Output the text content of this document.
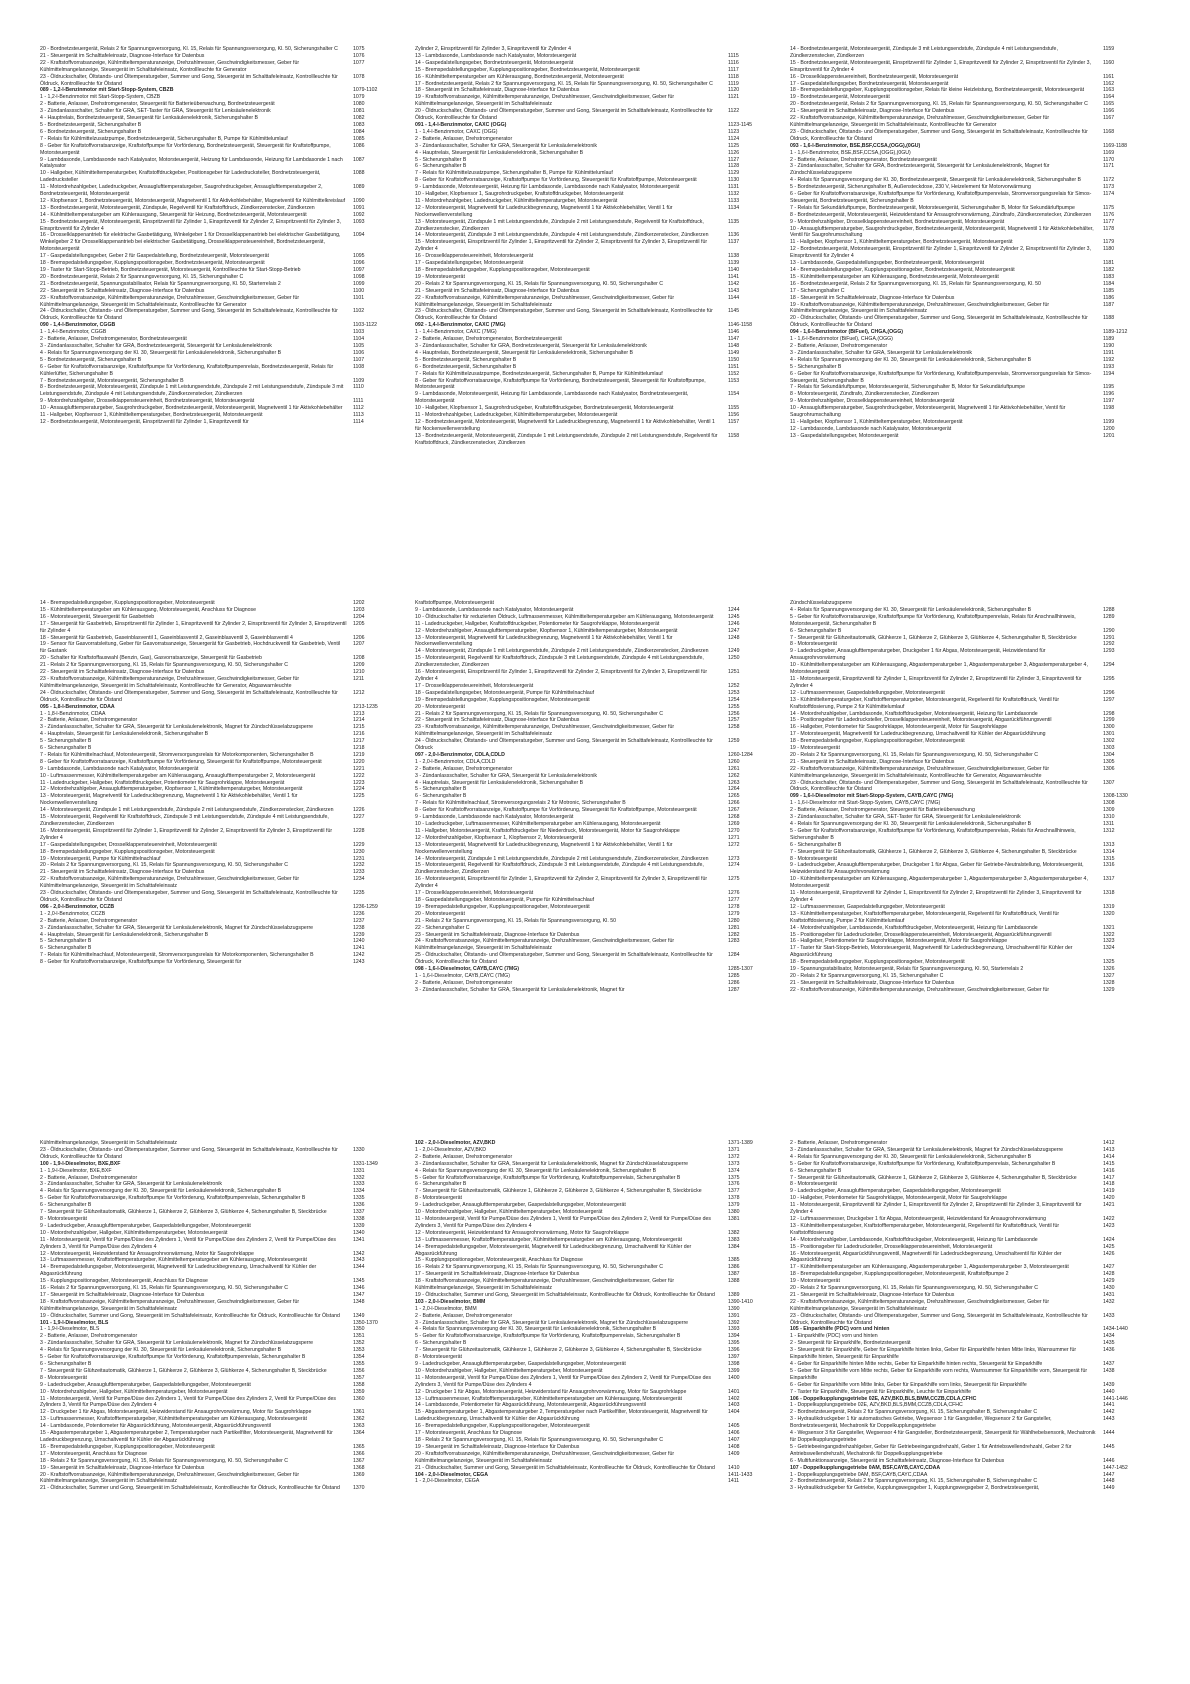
20 - Bordnetzsteuergerät, Relais 2 für Spannungsversorgung, Kl. 15, Relais für Spannungsversorgung, Kl. 50, Sicherungshalter C	1075
21 - Steuergerät im Schalttafeleinsatz, Diagnose-Interface für Datenbus	1076
22 - Kraftstoffvorratsanzeige, Kühlmitteltemperaturanzeige, Drehzahlmesser, Geschwindigkeitsmesser, Geber für Kühlmittelmangelanzeige, Steuergerät im Schalttafeleinsatz, Kontrollleuchte für Generator
1077
23 - Öldruckschalter, Öltstands- und Öltemperaturgeber, Summer und Gong, Steuergerät im Schalttafeleinsatz, Kontrollleuchte für Öldruck, Kontrollleuchte für Ölstand
1078
089 - 1,2-l-Benzinmotor mit Start-Stopp-System, CBZB	1079-1102
1 - 1,2-l-Benzinmotor mit Start-Stopp-System, CBZB	1079
2 - Batterie, Anlasser, Drehstromgenerator, Steuergerät für Batterieüberwachung, Bordnetzsteuergerät	1080
3 - Zündanlassschalter, Schalter für GRA, SET-Taster für GRA, Steuergerät für Lenksäulenelektronik	1081
4 - Hauptrelais, Bordnetzsteuergerät, Steuergerät für Lenksäulenelektronik, Sicherungshalter B	1082
5 - Bordnetzsteuergerät, Sicherungshalter B	1083
6 - Bordnetzsteuergerät, Sicherungshalter B	1084
7 - Relais für Kühlmittelzusatzpumpe, Bordnetzsteuergerät, Sicherungshalter B, Pumpe für Kühlmittelumlauf	1085
8 - Geber für Kraftstoffvorratsanzeige, Kraftstoffpumpe für Vorförderung, Bordnetzsteuergerät, Steuergerät für Kraftstoffpumpe, Motorsteuergerät
1086
9 - Lambdasonde, Lambdasonde nach Katalysator, Motorsteuergerät, Heizung für Lambdasonde, Heizung für Lambdasonde 1 nach Katalysator
1087
10 - Hallgeber, Kühlmitteltemperaturgeber, Kraftstoffdruckgeber, Positionsgeber für Ladedrucksteller, Bordnetzsteuergerät, Ladedrucksteller
1088
11 - Motordrehzahlgeber, Ladedruckgeber, Ansauglufttemperaturgeber, Saugrohrdruckgeber, Ansauglufttemperaturgeber 2, Bordnetzsteuergerät, Motorsteuergerät
1089
12 - Klopfsensor 1, Bordnetzsteuergerät, Motorsteuergerät, Magnetventil 1 für Aktivkohlebehälter, Magnetventil für Kühlmittelkreislauf	1090
13 - Bordnetzsteuergerät, Motorsteuergerät, Zündspule, Regelventil für Kraftstoffdruck, Zündkerzenstecker, Zündkerzen	1091
14 - Kühlmitteltemperaturgeber am Kühlerausgang, Steuergerät für Heizung, Bordnetzsteuergerät, Motorsteuergerät	1092
15 - Bordnetzsteuergerät, Motorsteuergerät, Einspritzventil für Zylinder 1, Einspritzventil für Zylinder 2, Einspritzventil für Zylinder 3, Einspritzventil für Zylinder 4
1093
16 - Drosselklappenantrieb für elektrische Gasbetätigung, Winkelgeber 1 für Drosselklappenantrieb bei elektrischer Gasbetätigung, Winkelgeber 2 für Drosselklappenantrieb bei elektrischer Gasbetätigung, Drosselklappensteuereinheit, Bordnetzsteuergerät, Motorsteuergerät
1094
17 - Gaspedalstellungsgeber, Geber 2 für Gaspedalstellung, Bordnetzsteuergerät, Motorsteuergerät	1095
18 - Bremspedalstellungsgeber, Kupplungspositionsgeber, Bordnetzsteuergerät, Motorsteuergerät	1096
19 - Taster für Start-Stopp-Betrieb, Bordnetzsteuergerät, Motorsteuergerät, Kontrollleuchte für Start-Stopp-Betrieb	1097
20 - Bordnetzsteuergerät, Relais 2 für Spannungsversorgung, Kl. 15, Sicherungshalter C	1098
21 - Bordnetzsteuergerät, Spannungsstabilisator, Relais für Spannungsversorgung, Kl. 50, Starterrelais 2	1099
22 - Steuergerät im Schalttafeleinsatz, Diagnose-Interface für Datenbus	1100
23 - Kraftstoffvorratsanzeige, Kühlmitteltemperaturanzeige, Drehzahlmesser, Geschwindigkeitsmesser, Geber für Kühlmittelmangelanzeige, Steuergerät im Schalttafeleinsatz, Kontrollleuchte für Generator
1101
24 - Öldruckschalter, Öltstands- und Öltemperaturgeber, Summer und Gong, Steuergerät im Schalttafeleinsatz, Kontrollleuchte für Öldruck, Kontrollleuchte für Ölstand
1102
090 - 1,4-l-Benzinmotor, CGGB	1103-1122
1 - 1,4-l-Benzinmotor, CGGB	1103
2 - Batterie, Anlasser, Drehstromgenerator, Bordnetzsteuergerät	1104
3 - Zündanlassschalter, Schalter für GRA, Bordnetzsteuergerät, Steuergerät für Lenksäulenelektronik	1105
4 - Relais für Spannungsversorgung der Kl. 30, Steuergerät für Lenksäulenelektronik, Sicherungshalter B	1106
5 - Bordnetzsteuergerät, Sicherungshalter B	1107
6 - Geber für Kraftstoffvorratsanzeige, Kraftstoffpumpe für Vorförderung, Kraftstoffpumpenrelais, Bordnetzsteuergerät, Relais für Kühlerlüfter, Sicherungshalter B
1108
7 - Bordnetzsteuergerät, Motorsteuergerät, Sicherungshalter B	1109
8 - Bordnetzsteuergerät, Motorsteuergerät, Zündspule 1 mit Leistungsendstufe, Zündspule 2 mit Leistungsendstufe, Zündspule 3 mit Leistungsendstufe, Zündspule 4 mit Leistungsendstufe, Zündkerzenstecker, Zündkerzen
1110
9 - Motordrehzahlgeber, Drosselklappensteuereinheit, Bordnetzsteuergerät, Motorsteuergerät	1111
10 - Ansauglufttemperaturgeber, Saugrohrdruckgeber, Bordnetzsteuergerät, Motorsteuergerät, Magnetventil 1 für Aktivkohlebehälter	1112
11 - Hallgeber, Klopfsensor 1, Kühlmitteltemperaturgeber, Bordnetzsteuergerät, Motorsteuergerät	1113
12 - Bordnetzsteuergerät, Motorsteuergerät, Einspritzventil für Zylinder 1, Einspritzventil für	1114
Zylinder 2, Einspritzventil für Zylinder 3, Einspritzventil für Zylinder 4
13 - Lambdasonde, Lambdasonde nach Katalysator, Motorsteuergerät	1115
14 - Gaspedalstellungsgeber, Bordnetzsteuergerät, Motorsteuergerät	1116
15 - Bremspedalstellungsgeber, Kupplungspositionsgeber, Bordnetzsteuergerät, Motorsteuergerät	1117
16 - Kühlmitteltemperaturgeber am Kühlerausgang, Bordnetzsteuergerät, Motorsteuergerät	1118
17 - Bordnetzsteuergerät, Relais 2 für Spannungsversorgung, Kl. 15, Relais für Spannungsversorgung, Kl. 50, Sicherungshalter C	1119
18 - Steuergerät im Schalttafeleinsatz, Diagnose-Interface für Datenbus	1120
19 - Kraftstoffvorratsanzeige, Kühlmitteltemperaturanzeige, Drehzahlmesser, Geschwindigkeitsmesser, Geber für Kühlmittelmangelanzeige, Steuergerät im Schalttafeleinsatz
1121
20 - Öldruckschalter, Öltstands- und Öltemperaturgeber, Summer und Gong, Steuergerät im Schalttafeleinsatz, Kontrollleuchte für Öldruck, Kontrollleuchte für Ölstand
1122
091 - 1,4-l-Benzinmotor, CAXC (OGG)	1123-1145
1 - 1,4-l-Benzinmotor, CAXC (OGG)	1123
2 - Batterie, Anlasser, Drehstromgenerator	1124
3 - Zündanlassschalter, Schalter für GRA, Steuergerät für Lenksäulenelektronik	1125
4 - Hauptrelais, Steuergerät für Lenksäulenelektronik, Sicherungshalter B	1126
5 - Sicherungshalter B	1127
6 - Sicherungshalter B	1128
7 - Relais für Kühlmittelzusatzpumpe, Sicherungshalter B, Pumpe für Kühlmittelumlauf	1129
8 - Geber für Kraftstoffvorratsanzeige, Kraftstoffpumpe für Vorförderung, Steuergerät für Kraftstoffpumpe, Motorsteuergerät	1130
9 - Lambdasonde, Motorsteuergerät, Heizung für Lambdasonde, Lambdasonde nach Katalysator, Motorsteuergerät	1131
10 - Hallgeber, Klopfsensor 1, Saugrohrdruckgeber, Kraftstoffdruckgeber, Motorsteuergerät	1132
11 - Motordrehzahlgeber, Ladedruckgeber, Kühlmitteltemperaturgeber, Motorsteuergerät	1133
12 - Motorsteuergerät, Magnetventil für Ladedruckbegrenzung, Magnetventil 1 für Aktivkohlebehälter, Ventil 1 für Nockenwellenverstellung
1134
13 - Motorsteuergerät, Zündspule 1 mit Leistungsendstufe, Zündspule 2 mit Leistungsendstufe, Regelventil für Kraftstoffdruck, Zündkerzenstecker, Zündkerzen
1135
14 - Motorsteuergerät, Zündspule 3 mit Leistungsendstufe, Zündspule 4 mit Leistungsendstufe, Zündkerzenstecker, Zündkerzen	1136
15 - Motorsteuergerät, Einspritzventil für Zylinder 1, Einspritzventil für Zylinder 2, Einspritzventil für Zylinder 3, Einspritzventil für Zylinder 4
1137
16 - Drosselklappensteuereinheit, Motorsteuergerät	1138
17 - Gaspedalstellungsgeber, Motorsteuergerät	1139
18 - Bremspedalstellungsgeber, Kupplungspositionsgeber, Motorsteuergerät	1140
19 - Motorsteuergerät	1141
20 - Relais 2 für Spannungsversorgung, Kl. 15, Relais für Spannungsversorgung, Kl. 50, Sicherungshalter C	1142
21 - Steuergerät im Schalttafeleinsatz, Diagnose-Interface für Datenbus	1143
22 - Kraftstoffvorratsanzeige, Kühlmitteltemperaturanzeige, Drehzahlmesser, Geschwindigkeitsmesser, Geber für Kühlmittelmangelanzeige, Steuergerät im Schalttafeleinsatz
1144
23 - Öldruckschalter, Öltstands- und Öltemperaturgeber, Summer und Gong, Steuergerät im Schalttafeleinsatz, Kontrollleuchte für Öldruck, Kontrollleuchte für Ölstand
1145
092 - 1,4-l-Benzinmotor, CAXC (7MG)	1146-1158
1 - 1,4-l-Benzinmotor, CAXC (7MG)	1146
2 - Batterie, Anlasser, Drehstromgenerator, Bordnetzsteuergerät	1147
3 - Zündanlassschalter, Schalter für GRA, Bordnetzsteuergerät, Steuergerät für Lenksäulenelektronik	1148
4 - Hauptrelais, Bordnetzsteuergerät, Steuergerät für Lenksäulenelektronik, Sicherungshalter B	1149
5 - Bordnetzsteuergerät, Sicherungshalter B	1150
6 - Bordnetzsteuergerät, Sicherungshalter B	1151
7 - Relais für Kühlmittelzusatzpumpe, Bordnetzsteuergerät, Sicherungshalter B, Pumpe für Kühlmittelumlauf	1152
8 - Geber für Kraftstoffvorratsanzeige, Kraftstoffpumpe für Vorförderung, Bordnetzsteuergerät, Steuergerät für Kraftstoffpumpe, Motorsteuergerät
1153
9 - Lambdasonde, Motorsteuergerät, Heizung für Lambdasonde, Lambdasonde nach Katalysator, Bordnetzsteuergerät, Motorsteuergerät
1154
10 - Hallgeber, Klopfsensor 1, Saugrohrdruckgeber, Kraftstoffdruckgeber, Bordnetzsteuergerät, Motorsteuergerät	1155
11 - Motordrehzahlgeber, Ladedruckgeber, Kühlmitteltemperaturgeber, Motorsteuergerät	1156
12 - Bordnetzsteuergerät, Motorsteuergerät, Magnetventil für Ladedruckbegrenzung, Magnetventil 1 für Aktivkohlebehälter, Ventil 1 für Nockenwellenverstellung
1157
13 - Bordnetzsteuergerät, Motorsteuergerät, Zündspule 1 mit Leistungsendstufe, Zündspule 2 mit Leistungsendstufe, Regelventil für Kraftstoffdruck, Zündkerzenstecker, Zündkerzen
1158
14 - Bordnetzsteuergerät, Motorsteuergerät, Zündspule 3 mit Leistungsendstufe, Zündspule 4 mit Leistungsendstufe, Zündkerzenstecker, Zündkerzen
1159
15 - Bordnetzsteuergerät, Motorsteuergerät, Einspritzventil für Zylinder 1, Einspritzventil für Zylinder 2, Einspritzventil für Zylinder 3, Einspritzventil für Zylinder 4
1160
16 - Drosselklappensteuereinheit, Bordnetzsteuergerät, Motorsteuergerät	1161
17 - Gaspedalstellungsgeber, Bordnetzsteuergerät, Motorsteuergerät	1162
18 - Bremspedalstellungsgeber, Kupplungspositionsgeber, Relais für kleine Heizleistung, Bordnetzsteuergerät, Motorsteuergerät	1163
19 - Bordnetzsteuergerät, Motorsteuergerät	1164
20 - Bordnetzsteuergerät, Relais 2 für Spannungsversorgung, Kl. 15, Relais für Spannungsversorgung, Kl. 50, Sicherungshalter C	1165
21 - Steuergerät im Schalttafeleinsatz, Diagnose-Interface für Datenbus	1166
22 - Kraftstoffvorratsanzeige, Kühlmitteltemperaturanzeige, Drehzahlmesser, Geschwindigkeitsmesser, Geber für Kühlmittelmangelanzeige, Steuergerät im Schalttafeleinsatz, Kontrollleuchte für Generator
1167
23 - Öldruckschalter, Öltstands- und Öltemperaturgeber, Summer und Gong, Steuergerät im Schalttafeleinsatz, Kontrollleuchte für Öldruck, Kontrollleuchte für Ölstand
1168
093 - 1,6-l-Benzinmotor, BSE,BSF,CCSA,(OGG),(0GU)	1169-1188
1 - 1,6-l-Benzinmotor, BSE,BSF,CCSA,(OGG),(0GU)	1169
2 - Batterie, Anlasser, Drehstromgenerator, Bordnetzsteuergerät	1170
3 - Zündanlassschalter, Schalter für GRA, Bordnetzsteuergerät, Steuergerät für Lenksäulenelektronik, Magnet für Zündschlüsselabzugsperre
1171
4 - Relais für Spannungsversorgung der Kl. 30, Bordnetzsteuergerät, Steuergerät für Lenksäulenelektronik, Sicherungshalter B	1172
5 - Bordnetzsteuergerät, Sicherungshalter B, Außensteckdose, 230 V, Heizelement für Motorvorwärmung	1173
6 - Geber für Kraftstoffvorratsanzeige, Kraftstoffpumpe für Vorförderung, Kraftstoffpumpenrelais, Stromversorgungsrelais für Simos-Steuergerät, Bordnetzsteuergerät, Sicherungshalter B
1174
7 - Relais für Sekundärluftpumpe, Bordnetzsteuergerät, Motorsteuergerät, Sicherungshalter B, Motor für Sekundärluftpumpe	1175
8 - Bordnetzsteuergerät, Motorsteuergerät, Heizwiderstand für Ansaugrohrvorwärmung, Zündtrafo, Zündkerzenstecker, Zündkerzen	1176
9 - Motordrehzahlgeber, Drosselklappensteuereinheit, Bordnetzsteuergerät, Motorsteuergerät	1177
10 - Ansauglufttemperaturgeber, Saugrohrdruckgeber, Bordnetzsteuergerät, Motorsteuergerät, Magnetventil 1 für Aktivkohlebehälter, Ventil für Saugrohrumschaltung
1178
11 - Hallgeber, Klopfsensor 1, Kühlmitteltemperaturgeber, Bordnetzsteuergerät, Motorsteuergerät	1179
12 - Bordnetzsteuergerät, Motorsteuergerät, Einspritzventil für Zylinder 1, Einspritzventil für Zylinder 2, Einspritzventil für Zylinder 3, Einspritzventil für Zylinder 4
1180
13 - Lambdasonde, Gaspedalstellungsgeber, Bordnetzsteuergerät, Motorsteuergerät	1181
14 - Bremspedalstellungsgeber, Kupplungspositionsgeber, Bordnetzsteuergerät, Motorsteuergerät	1182
15 - Kühlmitteltemperaturgeber am Kühlerausgang, Bordnetzsteuergerät, Motorsteuergerät	1183
16 - Bordnetzsteuergerät, Relais 2 für Spannungsversorgung, Kl. 15, Relais für Spannungsversorgung, Kl. 50	1184
17 - Sicherungshalter C	1185
18 - Steuergerät im Schalttafeleinsatz, Diagnose-Interface für Datenbus	1186
19 - Kraftstoffvorratsanzeige, Kühlmitteltemperaturanzeige, Drehzahlmesser, Geschwindigkeitsmesser, Geber für Kühlmittelmangelanzeige, Steuergerät im Schalttafeleinsatz
1187
20 - Öldruckschalter, Öltstands- und Öltemperaturgeber, Summer und Gong, Steuergerät im Schalttafeleinsatz, Kontrollleuchte für Öldruck, Kontrollleuchte für Ölstand
1188
094 - 1,6-l-Benzinmotor (BiFuel), CHGA,(OGG)	1189-1212
1 - 1,6-l-Benzinmotor (BiFuel), CHGA,(OGG)	1189
2 - Batterie, Anlasser, Drehstromgenerator	1190
3 - Zündanlassschalter, Schalter für GRA, Steuergerät für Lenksäulenelektronik	1191
4 - Relais für Spannungsversorgung der Kl. 30, Steuergerät für Lenksäulenelektronik, Sicherungshalter B	1192
5 - Sicherungshalter B	1193
6 - Geber für Kraftstoffvorratsanzeige, Kraftstoffpumpe für Vorförderung, Kraftstoffpumpenrelais, Stromversorgungsrelais für Simos-Steuergerät, Sicherungshalter B
1194
7 - Relais für Sekundärluftpumpe, Motorsteuergerät, Sicherungshalter B, Motor für Sekundärluftpumpe	1195
8 - Motorsteuergerät, Zündtrafo, Zündkerzenstecker, Zündkerzen	1196
9 - Motordrehzahlgeber, Drosselklappensteuereinheit, Motorsteuergerät	1197
10 - Ansauglufttemperaturgeber, Saugrohrdruckgeber, Motorsteuergerät, Magnetventil 1 für Aktivkohlebehälter, Ventil für Saugrohrumschaltung
1198
11 - Hallgeber, Klopfsensor 1, Kühlmitteltemperaturgeber, Motorsteuergerät	1199
12 - Lambdasonde, Lambdasonde nach Katalysator, Motorsteuergerät	1200
13 - Gaspedalstellungsgeber, Motorsteuergerät	1201
14 - Bremspedalstellungsgeber, Kupplungspositionsgeber, Motorsteuergerät	1202
15 - Kühlmitteltemperaturgeber am Kühlerausgang, Motorsteuergerät, Anschluss für Diagnose	1203
16 - Motorsteuergerät, Steuergerät für Gasbetrieb	1204
17 - Steuergerät für Gasbetrieb, Einspritzventil für Zylinder 1, Einspritzventil für Zylinder 2, Einspritzventil für Zylinder 3, Einspritzventil für Zylinder 4
1205
18 - Steuergerät für Gasbetrieb, Gaseinblasventil 1, Gaseinblasventil 2, Gaseinblasventil 3, Gaseinblasventil 4	1206
19 - Sensor für Gasvorratsleitung, Geber für Gasvorratsanzeige, Steuergerät für Gasbetrieb, Hochdruckventil für Gasbetrieb, Ventil für Gastank
1207
20 - Schalter für Kraftstoffauswahl (Benzin, Gas), Gasvorratsanzeige, Steuergerät für Gasbetrieb	1208
21 - Relais 2 für Spannungsversorgung, Kl. 15, Relais für Spannungsversorgung, Kl. 50, Sicherungshalter C	1209
22 - Steuergerät im Schalttafeleinsatz, Diagnose-Interface für Datenbus	1210
23 - Kraftstoffvorratsanzeige, Kühlmitteltemperaturanzeige, Drehzahlmesser, Geschwindigkeitsmesser, Geber für Kühlmittelmangelanzeige, Steuergerät im Schalttafeleinsatz, Kontrollleuchte für Generator, Abgaswarnleuchte
1211
24 - Öldruckschalter, Öltstands- und Öltemperaturgeber, Summer und Gong, Steuergerät im Schalttafeleinsatz, Kontrollleuchte für Öldruck, Kontrollleuchte für Ölstand
1212
095 - 1,8-l-Benzinmotor, CDAA	1213-1235
1 - 1,8-l-Benzinmotor, CDAA	1213
2 - Batterie, Anlasser, Drehstromgenerator	1214
3 - Zündanlassschalter, Schalter für GRA, Steuergerät für Lenksäulenelektronik, Magnet für Zündschlüsselabzugsperre	1215
4 - Hauptrelais, Steuergerät für Lenksäulenelektronik, Sicherungshalter B	1216
5 - Sicherungshalter B	1217
6 - Sicherungshalter B	1218
7 - Relais für Kühlmittelnachlauf, Motorsteuergerät, Stromversorgungsrelais für Motorkomponenten, Sicherungshalter B	1219
8 - Geber für Kraftstoffvorratsanzeige, Kraftstoffpumpe für Vorförderung, Steuergerät für Kraftstoffpumpe, Motorsteuergerät	1220
9 - Lambdasonde, Lambdasonde nach Katalysator, Motorsteuergerät	1221
10 - Luftmassenmesser, Kühlmitteltemperaturgeber am Kühlerausgang, Ansauglufttemperaturgeber 2, Motorsteuergerät	1222
11 - Ladedruckgeber, Hallgeber, Kraftstoffdruckgeber, Potentiometer für Saugrohrklappe, Motorsteuergerät	1223
12 - Motordrehzahlgeber, Ansauglufttemperaturgeber, Klopfsensor 1, Kühlmitteltemperaturgeber, Motorsteuergerät	1224
13 - Motorsteuergerät, Magnetventil für Ladedruckbegrenzung, Magnetventil 1 für Aktivkohlebehälter, Ventil 1 für Nockenwellenverstellung
1225
14 - Motorsteuergerät, Zündspule 1 mit Leistungsendstufe, Zündspule 2 mit Leistungsendstufe, Zündkerzenstecker, Zündkerzen	1226
15 - Motorsteuergerät, Regelventil für Kraftstoffdruck, Zündspule 3 mit Leistungsendstufe, Zündspule 4 mit Leistungsendstufe, Zündkerzenstecker, Zündkerzen
1227
16 - Motorsteuergerät, Einspritzventil für Zylinder 1, Einspritzventil für Zylinder 2, Einspritzventil für Zylinder 3, Einspritzventil für Zylinder 4
1228
17 - Gaspedalstellungsgeber, Drosselklappensteuereinheit, Motorsteuergerät	1229
18 - Bremspedalstellungsgeber, Kupplungspositionsgeber, Motorsteuergerät	1230
19 - Motorsteuergerät, Pumpe für Kühlmittelnachlauf	1231
20 - Relais 2 für Spannungsversorgung, Kl. 15, Relais für Spannungsversorgung, Kl. 50, Sicherungshalter C	1232
21 - Steuergerät im Schalttafeleinsatz, Diagnose-Interface für Datenbus	1233
22 - Kraftstoffvorratsanzeige, Kühlmitteltemperaturanzeige, Drehzahlmesser, Geschwindigkeitsmesser, Geber für Kühlmittelmangelanzeige, Steuergerät im Schalttafeleinsatz
1234
23 - Öldruckschalter, Öltstands- und Öltemperaturgeber, Summer und Gong, Steuergerät im Schalttafeleinsatz, Kontrollleuchte für Öldruck, Kontrollleuchte für Ölstand
1235
096 - 2,0-l-Benzinmotor, CCZB	1236-1259
1 - 2,0-l-Benzinmotor, CCZB	1236
2 - Batterie, Anlasser, Drehstromgenerator	1237
3 - Zündanlassschalter, Schalter für GRA, Steuergerät für Lenksäulenelektronik, Magnet für Zündschlüsselabzugsperre	1238
4 - Hauptrelais, Steuergerät für Lenksäulenelektronik, Sicherungshalter B	1239
5 - Sicherungshalter B	1240
6 - Sicherungshalter B	1241
7 - Relais für Kühlmittelnachlauf, Motorsteuergerät, Stromversorgungsrelais für Motorkomponenten, Sicherungshalter B	1242
8 - Geber für Kraftstoffvorratsanzeige, Kraftstoffpumpe für Vorförderung, Steuergerät für	1243
Kraftstoffpumpe, Motorsteuergerät
9 - Lambdasonde, Lambdasonde nach Katalysator, Motorsteuergerät	1244
10 - Öldruckschalter für reduzierten Öldruck, Luftmassenmesser, Kühlmitteltemperaturgeber am Kühlerausgang, Motorsteuergerät	1245
11 - Ladedruckgeber, Hallgeber, Kraftstoffdruckgeber, Potentiometer für Saugrohrklappe, Motorsteuergerät	1246
12 - Motordrehzahlgeber, Ansauglufttemperaturgeber, Klopfsensor 1, Kühlmitteltemperaturgeber, Motorsteuergerät	1247
13 - Motorsteuergerät, Magnetventil für Ladedruckbegrenzung, Magnetventil 1 für Aktivkohlebehälter, Ventil 1 für Nockenwellenverstellung
1248
14 - Motorsteuergerät, Zündspule 1 mit Leistungsendstufe, Zündspule 2 mit Leistungsendstufe, Zündkerzenstecker, Zündkerzen	1249
15 - Motorsteuergerät, Regelventil für Kraftstoffdruck, Zündspule 3 mit Leistungsendstufe, Zündspule 4 mit Leistungsendstufe, Zündkerzenstecker, Zündkerzen
1250
16 - Motorsteuergerät, Einspritzventil für Zylinder 1, Einspritzventil für Zylinder 2, Einspritzventil für Zylinder 3, Einspritzventil für Zylinder 4
1251
17 - Drosselklappensteuereinheit, Motorsteuergerät	1252
18 - Gaspedalstellungsgeber, Motorsteuergerät, Pumpe für Kühlmittelnachlauf	1253
19 - Bremspedalstellungsgeber, Kupplungspositionsgeber, Motorsteuergerät	1254
20 - Motorsteuergerät	1255
21 - Relais 2 für Spannungsversorgung, Kl. 15, Relais für Spannungsversorgung, Kl. 50, Sicherungshalter C	1256
22 - Steuergerät im Schalttafeleinsatz, Diagnose-Interface für Datenbus	1257
23 - Kraftstoffvorratsanzeige, Kühlmitteltemperaturanzeige, Drehzahlmesser, Geschwindigkeitsmesser, Geber für Kühlmittelmangelanzeige, Steuergerät im Schalttafeleinsatz
1258
24 - Öldruckschalter, Öltstands- und Öltemperaturgeber, Summer und Gong, Steuergerät im Schalttafeleinsatz, Kontrollleuchte für Öldruck
1259
097 - 2,0-l-Benzinmotor, CDLA,CDLD	1260-1284
1 - 2,0-l-Benzinmotor, CDLA,CDLD	1260
2 - Batterie, Anlasser, Drehstromgenerator	1261
3 - Zündanlassschalter, Schalter für GRA, Steuergerät für Lenksäulenelektronik	1262
4 - Hauptrelais, Steuergerät für Lenksäulenelektronik, Sicherungshalter B	1263
5 - Sicherungshalter B	1264
6 - Sicherungshalter B	1265
7 - Relais für Kühlmittelnachlauf, Stromversorgungsrelais 2 für Motronic, Sicherungshalter B	1266
8 - Geber für Kraftstoffvorratsanzeige, Kraftstoffpumpe für Vorförderung, Steuergerät für Kraftstoffpumpe, Motorsteuergerät	1267
9 - Lambdasonde, Lambdasonde nach Katalysator, Motorsteuergerät	1268
10 - Ladedruckgeber, Luftmassenmesser, Kühlmitteltemperaturgeber am Kühlerausgang, Motorsteuergerät	1269
11 - Hallgeber, Motorsteuergerät, Kraftstoffdruckgeber für Niederdruck, Motorsteuergerät, Motor für Saugrohrklappe	1270
12 - Motordrehzahlgeber, Klopfsensor 1, Klopfsensor 2, Motorsteuergerät	1271
13 - Motorsteuergerät, Magnetventil für Ladedruckbegrenzung, Magnetventil 1 für Aktivkohlebehälter, Ventil 1 für Nockenwellenverstellung
1272
14 - Motorsteuergerät, Zündspule 1 mit Leistungsendstufe, Zündspule 2 mit Leistungsendstufe, Zündkerzenstecker, Zündkerzen	1273
15 - Motorsteuergerät, Regelventil für Kraftstoffdruck, Zündspule 3 mit Leistungsendstufe, Zündspule 4 mit Leistungsendstufe, Zündkerzenstecker, Zündkerzen
1274
16 - Motorsteuergerät, Einspritzventil für Zylinder 1, Einspritzventil für Zylinder 2, Einspritzventil für Zylinder 3, Einspritzventil für Zylinder 4
1275
17 - Drosselklappensteuereinheit, Motorsteuergerät	1276
18 - Gaspedalstellungsgeber, Motorsteuergerät, Pumpe für Kühlmittelnachlauf	1277
19 - Bremspedalstellungsgeber, Kupplungspositionsgeber, Motorsteuergerät	1278
20 - Motorsteuergerät	1279
21 - Relais 2 für Spannungsversorgung, Kl. 15, Relais für Spannungsversorgung, Kl. 50	1280
22 - Sicherungshalter C	1281
23 - Steuergerät im Schalttafeleinsatz, Diagnose-Interface für Datenbus	1282
24 - Kraftstoffvorratsanzeige, Kühlmitteltemperaturanzeige, Drehzahlmesser, Geschwindigkeitsmesser, Geber für Kühlmittelmangelanzeige, Steuergerät im Schalttafeleinsatz
1283
25 - Öldruckschalter, Öltstands- und Öltemperaturgeber, Summer und Gong, Steuergerät im Schalttafeleinsatz, Kontrollleuchte für Öldruck, Kontrollleuchte für Ölstand
1284
098 - 1,6-l-Dieselmotor, CAYB,CAYC (7MG)	1285-1307
1 - 1,6-l-Dieselmotor, CAYB,CAYC (7MG)	1285
2 - Batterie, Anlasser, Drehstromgenerator	1286
3 - Zündanlassschalter, Schalter für GRA, Steuergerät für Lenksäulenelektronik, Magnet für	1287
Zündschlüsselabzugsperre
4 - Relais für Spannungsversorgung der Kl. 30, Steuergerät für Lenksäulenelektronik, Sicherungshalter B	1288
5 - Geber für Kraftstoffvorratsanzeige, Kraftstoffpumpe für Vorförderung, Kraftstoffpumpenrelais, Relais für Anschnallhinweis, Motorsteuergerät, Sicherungshalter B
1289
6 - Sicherungshalter B	1290
7 - Steuergerät für Glühzeitautomatik, Glühkerze 1, Glühkerze 2, Glühkerze 3, Glühkerze 4, Sicherungshalter B, Steckbrücke	1291
8 - Motorsteuergerät	1292
9 - Ladedruckgeber, Ansauglufttemperaturgeber, Druckgeber 1 für Abgas, Motorsteuergerät, Heizwiderstand für Ansaugrohrvorwärmung
1293
10 - Kühlmitteltemperaturgeber am Kühlerausgang, Abgastemperaturgeber 1, Abgastemperaturgeber 3, Abgastemperaturgeber 4, Motorsteuergerät
1294
11 - Motorsteuergerät, Einspritzventil für Zylinder 1, Einspritzventil für Zylinder 2, Einspritzventil für Zylinder 3, Einspritzventil für Zylinder 4
1295
12 - Luftmassenmesser, Gaspedalstellungsgeber, Motorsteuergerät	1296
13 - Kühlmitteltemperaturgeber, Kraftstofftemperaturgeber, Motorsteuergerät, Regelventil für Kraftstoffdruck, Ventil für Kraftstoffdosierung, Pumpe 2 für Kühlmittelumlauf
1297
14 - Motordrehzahlgeber, Lambdasonde, Kraftstoffdruckgeber, Motorsteuergerät, Heizung für Lambdasonde	1298
15 - Positionsgeber für Ladedrucksteller, Drosselklappensteuereinheit, Motorsteuergerät, Abgasrückführungsventil	1299
16 - Hallgeber, Potentiometer für Saugrohrklappe, Motorsteuergerät, Motor für Saugrohrklappe	1300
17 - Motorsteuergerät, Magnetventil für Ladedruckbegrenzung, Umschaltventil für Kühler der Abgasrückführung	1301
18 - Bremspedalstellungsgeber, Kupplungspositionsgeber, Motorsteuergerät	1302
19 - Motorsteuergerät	1303
20 - Relais 2 für Spannungsversorgung, Kl. 15, Relais für Spannungsversorgung, Kl. 50, Sicherungshalter C	1304
21 - Steuergerät im Schalttafeleinsatz, Diagnose-Interface für Datenbus	1305
22 - Kraftstoffvorratsanzeige, Kühlmitteltemperaturanzeige, Drehzahlmesser, Geschwindigkeitsmesser, Geber für Kühlmittelmangelanzeige, Steuergerät im Schalttafeleinsatz, Kontrollleuchte für Generator, Abgaswarnleuchte
1306
23 - Öldruckschalter, Öltstands- und Öltemperaturgeber, Summer und Gong, Steuergerät im Schalttafeleinsatz, Kontrollleuchte für Öldruck, Kontrollleuchte für Ölstand
1307
099 - 1,6-l-Dieselmotor mit Start-Stopp-System, CAYB,CAYC (7MG)	1308-1330
1 - 1,6-l-Dieselmotor mit Start-Stopp-System, CAYB,CAYC (7MG)	1308
2 - Batterie, Anlasser, Drehstromgenerator, Steuergerät für Batterieüberwachung	1309
3 - Zündanlassschalter, Schalter für GRA, SET-Taster für GRA, Steuergerät für Lenksäulenelektronik	1310
4 - Relais für Spannungsversorgung der Kl. 30, Steuergerät für Lenksäulenelektronik, Sicherungshalter B	1311
5 - Geber für Kraftstoffvorratsanzeige, Kraftstoffpumpe für Vorförderung, Kraftstoffpumpenrelais, Relais für Anschnallhinweis, Sicherungshalter B
1312
6 - Sicherungshalter B	1313
7 - Steuergerät für Glühzeitautomatik, Glühkerze 1, Glühkerze 2, Glühkerze 3, Glühkerze 4, Sicherungshalter B, Steckbrücke	1314
8 - Motorsteuergerät	1315
9 - Ladedruckgeber, Ansauglufttemperaturgeber, Druckgeber 1 für Abgas, Geber für Getriebe-Neutralstellung, Motorsteuergerät, Heizwiderstand für Ansaugrohrvorwärmung
1316
10 - Kühlmitteltemperaturgeber am Kühlerausgang, Abgastemperaturgeber 1, Abgastemperaturgeber 3, Abgastemperaturgeber 4, Motorsteuergerät
1317
11 - Motorsteuergerät, Einspritzventil für Zylinder 1, Einspritzventil für Zylinder 2, Einspritzventil für Zylinder 3, Einspritzventil für Zylinder 4
1318
12 - Luftmassenmesser, Gaspedalstellungsgeber, Motorsteuergerät	1319
13 - Kühlmitteltemperaturgeber, Kraftstofftemperaturgeber, Motorsteuergerät, Regelventil für Kraftstoffdruck, Ventil für Kraftstoffdosierung, Pumpe 2 für Kühlmittelumlauf
1320
14 - Motordrehzahlgeber, Lambdasonde, Kraftstoffdruckgeber, Motorsteuergerät, Heizung für Lambdasonde	1321
15 - Positionsgeber für Ladedrucksteller, Drosselklappensteuereinheit, Motorsteuergerät, Abgasrückführungsventil	1322
16 - Hallgeber, Potentiometer für Saugrohrklappe, Motorsteuergerät, Motor für Saugrohrklappe	1323
17 - Taster für Start-Stopp-Betrieb, Motorsteuergerät, Magnetventil für Ladedruckbegrenzung, Umschaltventil für Kühler der Abgasrückführung
1324
18 - Bremspedalstellungsgeber, Kupplungspositionsgeber, Motorsteuergerät	1325
19 - Spannungsstabilisator, Motorsteuergerät, Relais für Spannungsversorgung, Kl. 50, Starterrelais 2	1326
20 - Relais 2 für Spannungsversorgung, Kl. 15, Sicherungshalter C	1327
21 - Steuergerät im Schalttafeleinsatz, Diagnose-Interface für Datenbus	1328
22 - Kraftstoffvorratsanzeige, Kühlmitteltemperaturanzeige, Drehzahlmesser, Geschwindigkeitsmesser, Geber für	1329
Kühlmittelmangelanzeige, Steuergerät im Schalttafeleinsatz
23 - Öldruckschalter, Öltstands- und Öltemperaturgeber, Summer und Gong, Steuergerät im Schalttafeleinsatz, Kontrollleuchte für Öldruck, Kontrollleuchte für Ölstand
1330
100 - 1,9-l-Dieselmotor, BXE,BXF	1331-1349
1 - 1,9-l-Dieselmotor, BXE,BXF	1331
2 - Batterie, Anlasser, Drehstromgenerator	1332
3 - Zündanlassschalter, Schalter für GRA, Steuergerät für Lenksäulenelektronik	1333
4 - Relais für Spannungsversorgung der Kl. 30, Steuergerät für Lenksäulenelektronik, Sicherungshalter B	1334
5 - Geber für Kraftstoffvorratsanzeige, Kraftstoffpumpe für Vorförderung, Kraftstoffpumpenrelais, Sicherungshalter B	1335
6 - Sicherungshalter B	1336
7 - Steuergerät für Glühzeitautomatik, Glühkerze 1, Glühkerze 2, Glühkerze 3, Glühkerze 4, Sicherungshalter B, Steckbrücke	1337
8 - Motorsteuergerät	1338
9 - Ladedruckgeber, Ansauglufttemperaturgeber, Gaspedalstellungsgeber, Motorsteuergerät	1339
10 - Motordrehzahlgeber, Hallgeber, Kühlmitteltemperaturgeber, Motorsteuergerät	1340
11 - Motorsteuergerät, Ventil für Pumpe/Düse des Zylinders 1, Ventil für Pumpe/Düse des Zylinders 2, Ventil für Pumpe/Düse des Zylinders 3, Ventil für Pumpe/Düse des Zylinders 4
1341
12 - Motorsteuergerät, Heizwiderstand für Ansaugrohrvorwärmung, Motor für Saugrohrklappe	1342
13 - Luftmassenmesser, Kraftstofftemperaturgeber, Kühlmitteltemperaturgeber am Kühlerausgang, Motorsteuergerät	1343
14 - Bremspedalstellungsgeber, Motorsteuergerät, Magnetventil für Ladedruckbegrenzung, Umschaltventil für Kühler der Abgasrückführung
1344
15 - Kupplungspositionsgeber, Motorsteuergerät, Anschluss für Diagnose	1345
16 - Relais 2 für Spannungsversorgung, Kl. 15, Relais für Spannungsversorgung, Kl. 50, Sicherungshalter C	1346
17 - Steuergerät im Schalttafeleinsatz, Diagnose-Interface für Datenbus	1347
18 - Kraftstoffvorratsanzeige, Kühlmitteltemperaturanzeige, Drehzahlmesser, Geschwindigkeitsmesser, Geber für Kühlmittelmangelanzeige, Steuergerät im Schalttafeleinsatz
1348
19 - Öldruckschalter, Summer und Gong, Steuergerät im Schalttafeleinsatz, Kontrollleuchte für Öldruck, Kontrollleuchte für Ölstand	1349
101 - 1,9-l-Dieselmotor, BLS	1350-1370
1 - 1,9-l-Dieselmotor, BLS	1350
2 - Batterie, Anlasser, Drehstromgenerator	1351
3 - Zündanlassschalter, Schalter für GRA, Steuergerät für Lenksäulenelektronik, Magnet für Zündschlüsselabzugsperre	1352
4 - Relais für Spannungsversorgung der Kl. 30, Steuergerät für Lenksäulenelektronik, Sicherungshalter B	1353
5 - Geber für Kraftstoffvorratsanzeige, Kraftstoffpumpe für Vorförderung, Kraftstoffpumpenrelais, Sicherungshalter B	1354
6 - Sicherungshalter B	1355
7 - Steuergerät für Glühzeitautomatik, Glühkerze 1, Glühkerze 2, Glühkerze 3, Glühkerze 4, Sicherungshalter B, Steckbrücke	1356
8 - Motorsteuergerät	1357
9 - Ladedruckgeber, Ansauglufttemperaturgeber, Gaspedalstellungsgeber, Motorsteuergerät	1358
10 - Motordrehzahlgeber, Hallgeber, Kühlmitteltemperaturgeber, Motorsteuergerät	1359
11 - Motorsteuergerät, Ventil für Pumpe/Düse des Zylinders 1, Ventil für Pumpe/Düse des Zylinders 2, Ventil für Pumpe/Düse des Zylinders 3, Ventil für Pumpe/Düse des Zylinders 4
1360
12 - Druckgeber 1 für Abgas, Motorsteuergerät, Heizwiderstand für Ansaugrohrvorwärmung, Motor für Saugrohrklappe	1361
13 - Luftmassenmesser, Kraftstofftemperaturgeber, Kühlmitteltemperaturgeber am Kühlerausgang, Motorsteuergerät	1362
14 - Lambdasonde, Potentiometer für Abgasrückführung, Motorsteuergerät, Abgasrückführungsventil	1363
15 - Abgastemperaturgeber 1, Abgastemperaturgeber 2, Temperaturgeber nach Partikelfilter, Motorsteuergerät, Magnetventil für Ladedruckbegrenzung, Umschaltventil für Kühler der Abgasrückführung
1364
16 - Bremspedalstellungsgeber, Kupplungspositionsgeber, Motorsteuergerät	1365
17 - Motorsteuergerät, Anschluss für Diagnose	1366
18 - Relais 2 für Spannungsversorgung, Kl. 15, Relais für Spannungsversorgung, Kl. 50, Sicherungshalter C	1367
19 - Steuergerät im Schalttafeleinsatz, Diagnose-Interface für Datenbus	1368
20 - Kraftstoffvorratsanzeige, Kühlmitteltemperaturanzeige, Drehzahlmesser, Geschwindigkeitsmesser, Geber für Kühlmittelmangelanzeige, Steuergerät im Schalttafeleinsatz
1369
21 - Öldruckschalter, Summer und Gong, Steuergerät im Schalttafeleinsatz, Kontrollleuchte für Öldruck, Kontrollleuchte für Ölstand	1370
102 - 2,0-l-Dieselmotor, AZV,BKD	1371-1389
1 - 2,0-l-Dieselmotor, AZV,BKD	1371
2 - Batterie, Anlasser, Drehstromgenerator	1372
3 - Zündanlassschalter, Schalter für GRA, Steuergerät für Lenksäulenelektronik, Magnet für Zündschlüsselabzugsperre	1373
4 - Relais für Spannungsversorgung der Kl. 30, Steuergerät für Lenksäulenelektronik, Sicherungshalter B	1374
5 - Geber für Kraftstoffvorratsanzeige, Kraftstoffpumpe für Vorförderung, Kraftstoffpumpenrelais, Sicherungshalter B	1375
6 - Sicherungshalter B	1376
7 - Steuergerät für Glühzeitautomatik, Glühkerze 1, Glühkerze 2, Glühkerze 3, Glühkerze 4, Sicherungshalter B, Steckbrücke	1377
8 - Motorsteuergerät	1378
9 - Ladedruckgeber, Ansauglufttemperaturgeber, Gaspedalstellungsgeber, Motorsteuergerät	1379
10 - Motordrehzahlgeber, Hallgeber, Kühlmitteltemperaturgeber, Motorsteuergerät	1380
11 - Motorsteuergerät, Ventil für Pumpe/Düse des Zylinders 1, Ventil für Pumpe/Düse des Zylinders 2, Ventil für Pumpe/Düse des Zylinders 3, Ventil für Pumpe/Düse des Zylinders 4
1381
12 - Motorsteuergerät, Heizwiderstand für Ansaugrohrvorwärmung, Motor für Saugrohrklappe	1382
13 - Luftmassenmesser, Kraftstofftemperaturgeber, Kühlmitteltemperaturgeber am Kühlerausgang, Motorsteuergerät	1383
14 - Bremspedalstellungsgeber, Motorsteuergerät, Magnetventil für Ladedruckbegrenzung, Umschaltventil für Kühler der Abgasrückführung
1384
15 - Kupplungspositionsgeber, Motorsteuergerät, Anschluss für Diagnose	1385
16 - Relais 2 für Spannungsversorgung, Kl. 15, Relais für Spannungsversorgung, Kl. 50, Sicherungshalter C	1386
17 - Steuergerät im Schalttafeleinsatz, Diagnose-Interface für Datenbus	1387
18 - Kraftstoffvorratsanzeige, Kühlmitteltemperaturanzeige, Drehzahlmesser, Geschwindigkeitsmesser, Geber für Kühlmittelmangelanzeige, Steuergerät im Schalttafeleinsatz
1388
19 - Öldruckschalter, Summer und Gong, Steuergerät im Schalttafeleinsatz, Kontrollleuchte für Öldruck, Kontrollleuchte für Ölstand	1389
103 - 2,0-l-Dieselmotor, BMM	1390-1410
1 - 2,0-l-Dieselmotor, BMM	1390
2 - Batterie, Anlasser, Drehstromgenerator	1391
3 - Zündanlassschalter, Schalter für GRA, Steuergerät für Lenksäulenelektronik, Magnet für Zündschlüsselabzugsperre	1392
4 - Relais für Spannungsversorgung der Kl. 30, Steuergerät für Lenksäulenelektronik, Sicherungshalter B	1393
5 - Geber für Kraftstoffvorratsanzeige, Kraftstoffpumpe für Vorförderung, Kraftstoffpumpenrelais, Sicherungshalter B	1394
6 - Sicherungshalter B	1395
7 - Steuergerät für Glühzeitautomatik, Glühkerze 1, Glühkerze 2, Glühkerze 3, Glühkerze 4, Sicherungshalter B, Steckbrücke	1396
8 - Motorsteuergerät	1397
9 - Ladedruckgeber, Ansauglufttemperaturgeber, Gaspedalstellungsgeber, Motorsteuergerät	1398
10 - Motordrehzahlgeber, Hallgeber, Kühlmitteltemperaturgeber, Motorsteuergerät	1399
11 - Motorsteuergerät, Ventil für Pumpe/Düse des Zylinders 1, Ventil für Pumpe/Düse des Zylinders 2, Ventil für Pumpe/Düse des Zylinders 3, Ventil für Pumpe/Düse des Zylinders 4
1400
12 - Druckgeber 1 für Abgas, Motorsteuergerät, Heizwiderstand für Ansaugrohrvorwärmung, Motor für Saugrohrklappe	1401
13 - Luftmassenmesser, Kraftstofftemperaturgeber, Kühlmitteltemperaturgeber am Kühlerausgang, Motorsteuergerät	1402
14 - Lambdasonde, Potentiometer für Abgasrückführung, Motorsteuergerät, Abgasrückführungsventil	1403
15 - Abgastemperaturgeber 1, Abgastemperaturgeber 2, Temperaturgeber nach Partikelfilter, Motorsteuergerät, Magnetventil für Ladedruckbegrenzung, Umschaltventil für Kühler der Abgasrückführung
1404
16 - Bremspedalstellungsgeber, Kupplungspositionsgeber, Motorsteuergerät	1405
17 - Motorsteuergerät, Anschluss für Diagnose	1406
18 - Relais 2 für Spannungsversorgung, Kl. 15, Relais für Spannungsversorgung, Kl. 50, Sicherungshalter C	1407
19 - Steuergerät im Schalttafeleinsatz, Diagnose-Interface für Datenbus	1408
20 - Kraftstoffvorratsanzeige, Kühlmitteltemperaturanzeige, Drehzahlmesser, Geschwindigkeitsmesser, Geber für Kühlmittelmangelanzeige, Steuergerät im Schalttafeleinsatz
1409
21 - Öldruckschalter, Summer und Gong, Steuergerät im Schalttafeleinsatz, Kontrollleuchte für Öldruck, Kontrollleuchte für Ölstand	1410
104 - 2,0-l-Dieselmotor, CEGA	1411-1433
1 - 2,0-l-Dieselmotor, CEGA	1411
2 - Batterie, Anlasser, Drehstromgenerator	1412
3 - Zündanlassschalter, Schalter für GRA, Steuergerät für Lenksäulenelektronik, Magnet für Zündschlüsselabzugsperre	1413
4 - Relais für Spannungsversorgung der Kl. 30, Steuergerät für Lenksäulenelektronik, Sicherungshalter B	1414
5 - Geber für Kraftstoffvorratsanzeige, Kraftstoffpumpe für Vorförderung, Kraftstoffpumpenrelais, Sicherungshalter B	1415
6 - Sicherungshalter B	1416
7 - Steuergerät für Glühzeitautomatik, Glühkerze 1, Glühkerze 2, Glühkerze 3, Glühkerze 4, Sicherungshalter B, Steckbrücke	1417
8 - Motorsteuergerät	1418
9 - Ladedruckgeber, Ansauglufttemperaturgeber, Gaspedalstellungsgeber, Motorsteuergerät	1419
10 - Hallgeber, Potentiometer für Saugrohrklappe, Motorsteuergerät, Motor für Saugrohrklappe	1420
11 - Motorsteuergerät, Einspritzventil für Zylinder 1, Einspritzventil für Zylinder 2, Einspritzventil für Zylinder 3, Einspritzventil für Zylinder 4
1421
12 - Luftmassenmesser, Druckgeber 1 für Abgas, Motorsteuergerät, Heizwiderstand für Ansaugrohrvorwärmung	1422
13 - Kühlmitteltemperaturgeber, Kraftstofftemperaturgeber, Motorsteuergerät, Regelventil für Kraftstoffdruck, Ventil für Kraftstoffdosierung
1423
14 - Motordrehzahlgeber, Lambdasonde, Kraftstoffdruckgeber, Motorsteuergerät, Heizung für Lambdasonde	1424
15 - Positionsgeber für Ladedrucksteller, Drosselklappensteuereinheit, Motorsteuergerät	1425
16 - Motorsteuergerät, Abgasrückführungsventil, Magnetventil für Ladedruckbegrenzung, Umschaltventil für Kühler der Abgasrückführung
1426
17 - Kühlmitteltemperaturgeber am Kühlerausgang, Abgastemperaturgeber 1, Abgastemperaturgeber 3, Motorsteuergerät	1427
18 - Bremspedalstellungsgeber, Kupplungspositionsgeber, Motorsteuergerät, Kraftstoffpumpe 2	1428
19 - Motorsteuergerät	1429
20 - Relais 2 für Spannungsversorgung, Kl. 15, Relais für Spannungsversorgung, Kl. 50, Sicherungshalter C	1430
21 - Steuergerät im Schalttafeleinsatz, Diagnose-Interface für Datenbus	1431
22 - Kraftstoffvorratsanzeige, Kühlmitteltemperaturanzeige, Drehzahlmesser, Geschwindigkeitsmesser, Geber für Kühlmittelmangelanzeige, Steuergerät im Schalttafeleinsatz
1432
23 - Öldruckschalter, Öltstands- und Öltemperaturgeber, Summer und Gong, Steuergerät im Schalttafeleinsatz, Kontrollleuchte für Öldruck, Kontrollleuchte für Ölstand
1433
105 - Einparkhilfe (PDC) vorn und hinten	1434-1440
1 - Einparkhilfe (PDC) vorn und hinten	1434
2 - Steuergerät für Einparkhilfe, Bordnetzsteuergerät	1435
3 - Steuergerät für Einparkhilfe, Geber für Einparkhilfe hinten links, Geber für Einparkhilfe hinten Mitte links, Warnsummer für Einparkhilfe hinten, Steuergerät für Einparkhilfe
1436
4 - Geber für Einparkhilfe hinten Mitte rechts, Geber für Einparkhilfe hinten rechts, Steuergerät für Einparkhilfe	1437
5 - Geber für Einparkhilfe vorn Mitte rechts, Geber für Einparkhilfe vorn rechts, Warnsummer für Einparkhilfe vorn, Steuergerät für Einparkhilfe
1438
6 - Geber für Einparkhilfe vorn Mitte links, Geber für Einparkhilfe vorn links, Steuergerät für Einparkhilfe	1439
7 - Taster für Einparkhilfe, Steuergerät für Einparkhilfe, Leuchte für Einparkhilfe	1440
106 - Doppelkupplungsgetriebe 02E, AZV,BKD,BLS,BMM,CCZB,CDLA,CFHC	1441-1446
1 - Doppelkupplungsgetriebe 02E, AZV,BKD,BLS,BMM,CCZB,CDLA,CFHC	1441
2 - Bordnetzsteuergerät, Relais 2 für Spannungsversorgung, Kl. 15, Sicherungshalter B, Sicherungshalter C	1442
3 - Hydraulikdruckgeber 1 für automatisches Getriebe, Wegsensor 1 für Gangsteller, Wegsensor 2 für Gangsteller, Bordnetzsteuergerät, Mechatronik für Doppelkupplungsgetriebe
1443
4 - Wegsensor 3 für Gangsteller, Wegsensor 4 für Gangsteller, Bordnetzsteuergerät, Steuergerät für Wählhebelsensorik, Mechatronik für Doppelkupplungsgetriebe
1444
5 - Getriebeeingangsdrehzahlgeber, Geber für Getriebeeingangsdrehzahl, Geber 1 für Antriebswellendrehzahl, Geber 2 für Antriebswellendrehzahl, Mechatronik für Doppelkupplungsgetriebe
1445
6 - Multifunktionsanzeige, Steuergerät im Schalttafeleinsatz, Diagnose-Interface für Datenbus	1446
107 - Doppelkupplungsgetriebe 0AM, BSF,CAYB,CAYC,CDAA	1447-1452
1 - Doppelkupplungsgetriebe 0AM, BSF,CAYB,CAYC,CDAA	1447
2 - Bordnetzsteuergerät, Relais 2 für Spannungsversorgung, Kl. 15, Sicherungshalter B, Sicherungshalter C	1448
3 - Hydraulikdruckgeber für Getriebe, Kupplungswegsgeber 1, Kupplungswegsgeber 2, Bordnetzsteuergerät,	1449
